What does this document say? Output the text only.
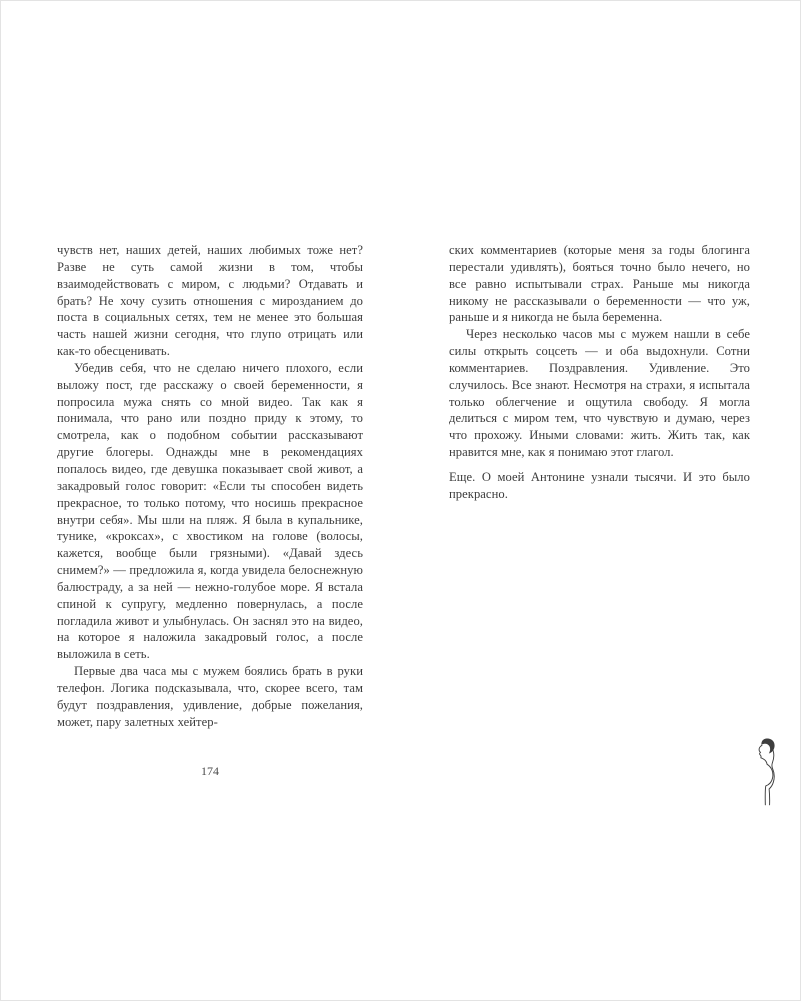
чувств нет, наших детей, наших любимых тоже нет? Разве не суть самой жизни в том, чтобы взаимодействовать с миром, с людьми? Отдавать и брать? Не хочу сузить отношения с мирозданием до поста в социальных сетях, тем не менее это большая часть нашей жизни сегодня, что глупо отрицать или как-то обесценивать.

Убедив себя, что не сделаю ничего плохого, если выложу пост, где расскажу о своей беременности, я попросила мужа снять со мной видео. Так как я понимала, что рано или поздно приду к этому, то смотрела, как о подобном событии рассказывают другие блогеры. Однажды мне в рекомендациях попалось видео, где девушка показывает свой живот, а закадровый голос говорит: «Если ты способен видеть прекрасное, то только потому, что носишь прекрасное внутри себя». Мы шли на пляж. Я была в купальнике, тунике, «кроксах», с хвостиком на голове (волосы, кажется, вообще были грязными). «Давай здесь снимем?» — предложила я, когда увидела белоснежную балюстраду, а за ней — нежно-голубое море. Я встала спиной к супругу, медленно повернулась, а после погладила живот и улыбнулась. Он заснял это на видео, на которое я наложила закадровый голос, а после выложила в сеть.

Первые два часа мы с мужем боялись брать в руки телефон. Логика подсказывала, что, скорее всего, там будут поздравления, удивление, добрые пожелания, может, пару залетных хейтер-

174

ских комментариев (которые меня за годы блогинга перестали удивлять), бояться точно было нечего, но все равно испытывали страх. Раньше мы никогда никому не рассказывали о беременности — что уж, раньше и я никогда не была беременна.

Через несколько часов мы с мужем нашли в себе силы открыть соцсеть — и оба выдохнули. Сотни комментариев. Поздравления. Удивление. Это случилось. Все знают. Несмотря на страхи, я испытала только облегчение и ощутила свободу. Я могла делиться с миром тем, что чувствую и думаю, через что прохожу. Иными словами: жить. Жить так, как нравится мне, как я понимаю этот глагол.

Еще. О моей Антонине узнали тысячи. И это было прекрасно.
